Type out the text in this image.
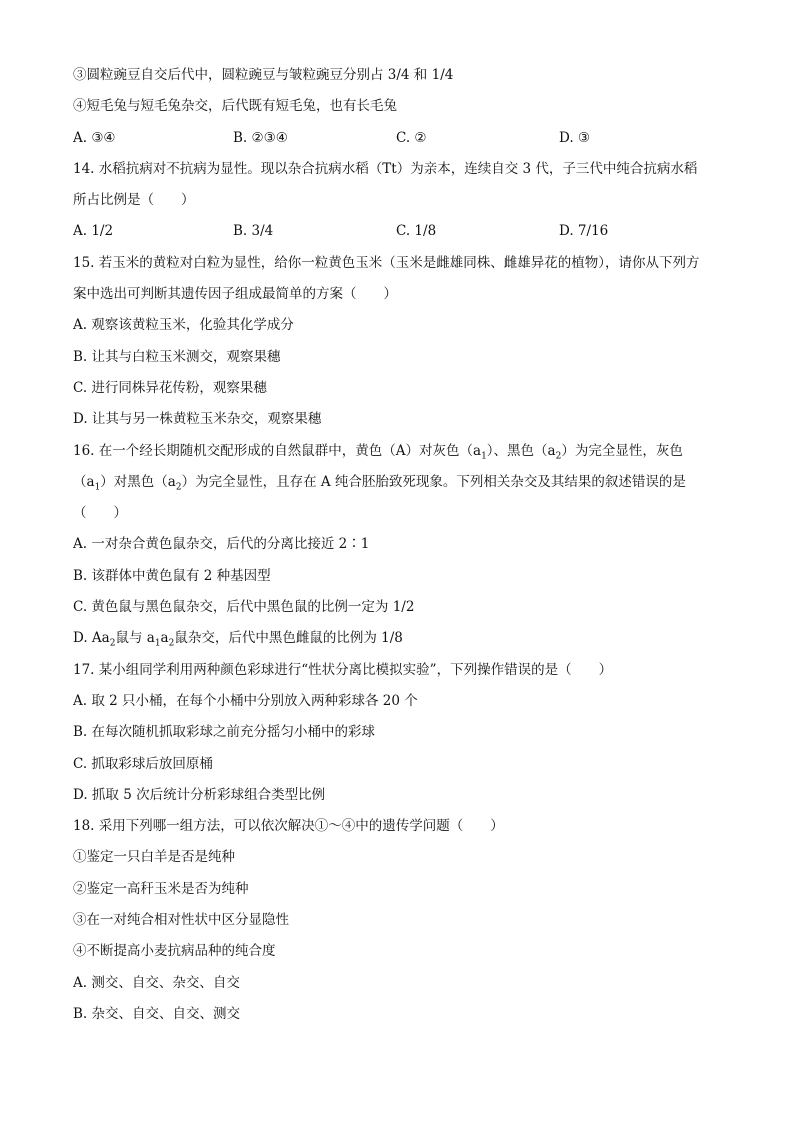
③圆粒豌豆自交后代中，圆粒豌豆与皱粒豌豆分别占 3/4 和 1/4
④短毛兔与短毛兔杂交，后代既有短毛兔，也有长毛兔
A. ③④	B. ②③④	C. ②	D. ③
14. 水稻抗病对不抗病为显性。现以杂合抗病水稻（Tt）为亲本，连续自交 3 代，子三代中纯合抗病水稻
所占比例是（　　）
A. 1/2	B. 3/4	C. 1/8	D. 7/16
15. 若玉米的黄粒对白粒为显性，给你一粒黄色玉米（玉米是雌雄同株、雌雄异花的植物），请你从下列方
案中选出可判断其遗传因子组成最简单的方案（　　）
A. 观察该黄粒玉米，化验其化学成分
B. 让其与白粒玉米测交，观察果穗
C. 进行同株异花传粉，观察果穗
D. 让其与另一株黄粒玉米杂交，观察果穗
16. 在一个经长期随机交配形成的自然鼠群中，黄色（A）对灰色$(a_1)$、黑色$(a_2)$为完全显性，灰色
$(a_1)$对黑色$(a_2)$为完全显性，且存在 A 纯合胚胎致死现象。下列相关杂交及其结果的叙述错误的是
（　　）
A. 一对杂合黄色鼠杂交，后代的分离比接近 2∶1
B. 该群体中黄色鼠有 2 种基因型
C. 黄色鼠与黑色鼠杂交，后代中黑色鼠的比例一定为 1/2
D. $Aa_2$鼠与 $a_1a_2$鼠杂交，后代中黑色雌鼠的比例为 1/8
17. 某小组同学利用两种颜色彩球进行“性状分离比模拟实验”，下列操作错误的是（　　）
A. 取 2 只小桶，在每个小桶中分别放入两种彩球各 20 个
B. 在每次随机抓取彩球之前充分摇匀小桶中的彩球
C. 抓取彩球后放回原桶
D. 抓取 5 次后统计分析彩球组合类型比例
18. 采用下列哪一组方法，可以依次解决①～④中的遗传学问题（　　）
①鉴定一只白羊是否是纯种
②鉴定一高秆玉米是否为纯种
③在一对纯合相对性状中区分显隐性
④不断提高小麦抗病品种的纯合度
A. 测交、自交、杂交、自交
B. 杂交、自交、自交、测交
